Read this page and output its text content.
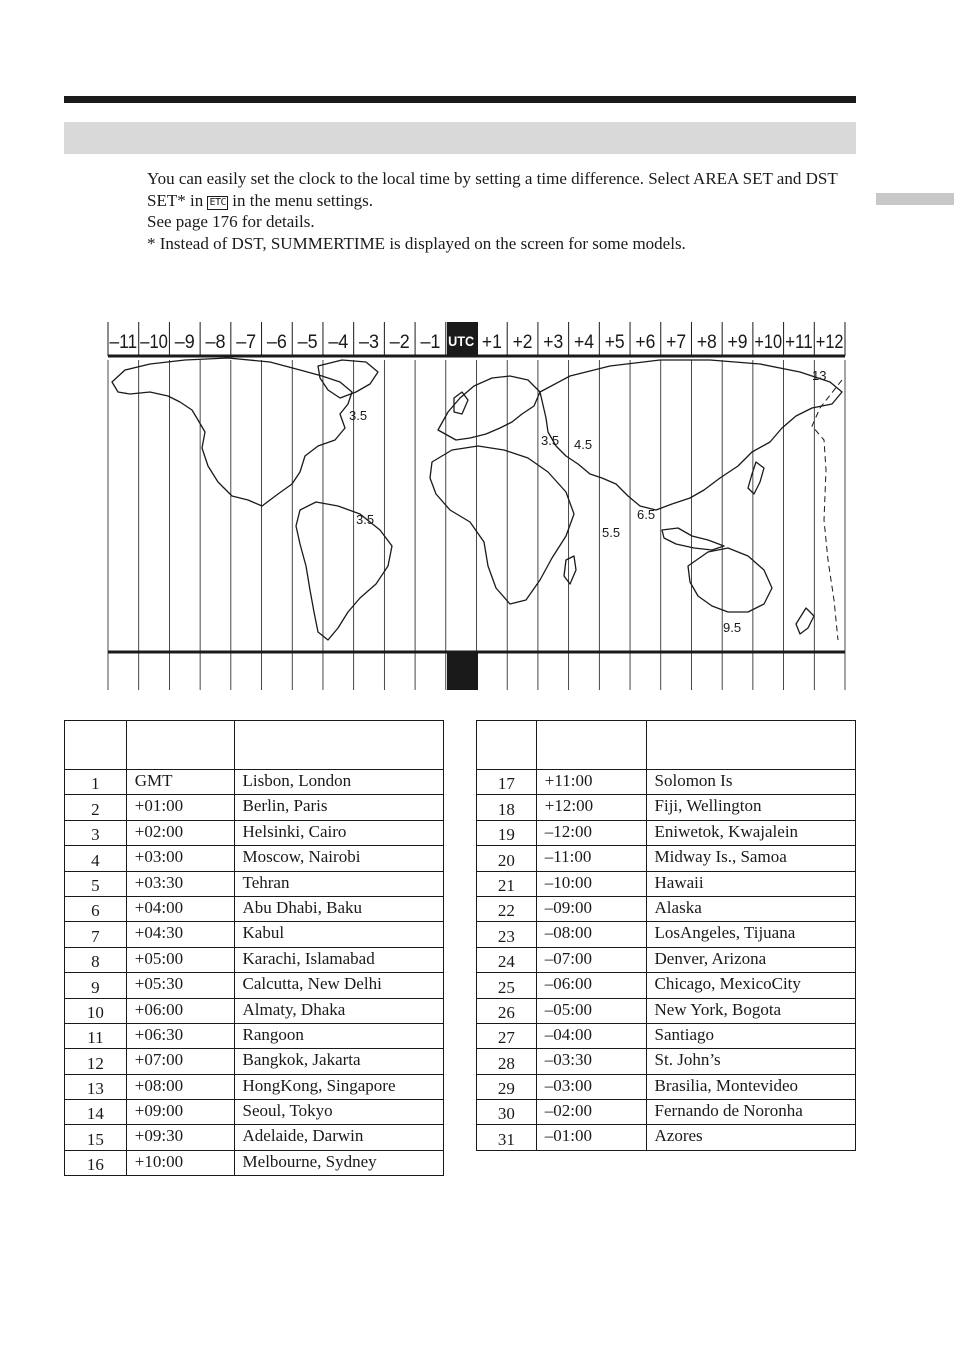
You can easily set the clock to the local time by setting a time difference. Select AREA SET and DST SET* in ETC in the menu settings.

See page 176 for details.

* Instead of DST, SUMMERTIME is displayed on the screen for some models.

–11 –10 –9 –8 –7 –6 –5 –4 –3 –2 –1 UTC +1 +2 +3 +4 +5 +6 +7 +8 +9 +10 +11 +12
3.5
3.5
3.5 4.5
5.5
6.5
9.5
13

1	GMT	Lisbon, London
2	+01:00	Berlin, Paris
3	+02:00	Helsinki, Cairo
4	+03:00	Moscow, Nairobi
5	+03:30	Tehran
6	+04:00	Abu Dhabi, Baku
7	+04:30	Kabul
8	+05:00	Karachi, Islamabad
9	+05:30	Calcutta, New Delhi
10	+06:00	Almaty, Dhaka
11	+06:30	Rangoon
12	+07:00	Bangkok, Jakarta
13	+08:00	HongKong, Singapore
14	+09:00	Seoul, Tokyo
15	+09:30	Adelaide, Darwin
16	+10:00	Melbourne, Sydney

17	+11:00	Solomon Is
18	+12:00	Fiji, Wellington
19	–12:00	Eniwetok, Kwajalein
20	–11:00	Midway Is., Samoa
21	–10:00	Hawaii
22	–09:00	Alaska
23	–08:00	LosAngeles, Tijuana
24	–07:00	Denver, Arizona
25	–06:00	Chicago, MexicoCity
26	–05:00	New York, Bogota
27	–04:00	Santiago
28	–03:30	St. John’s
29	–03:00	Brasilia, Montevideo
30	–02:00	Fernando de Noronha
31	–01:00	Azores
